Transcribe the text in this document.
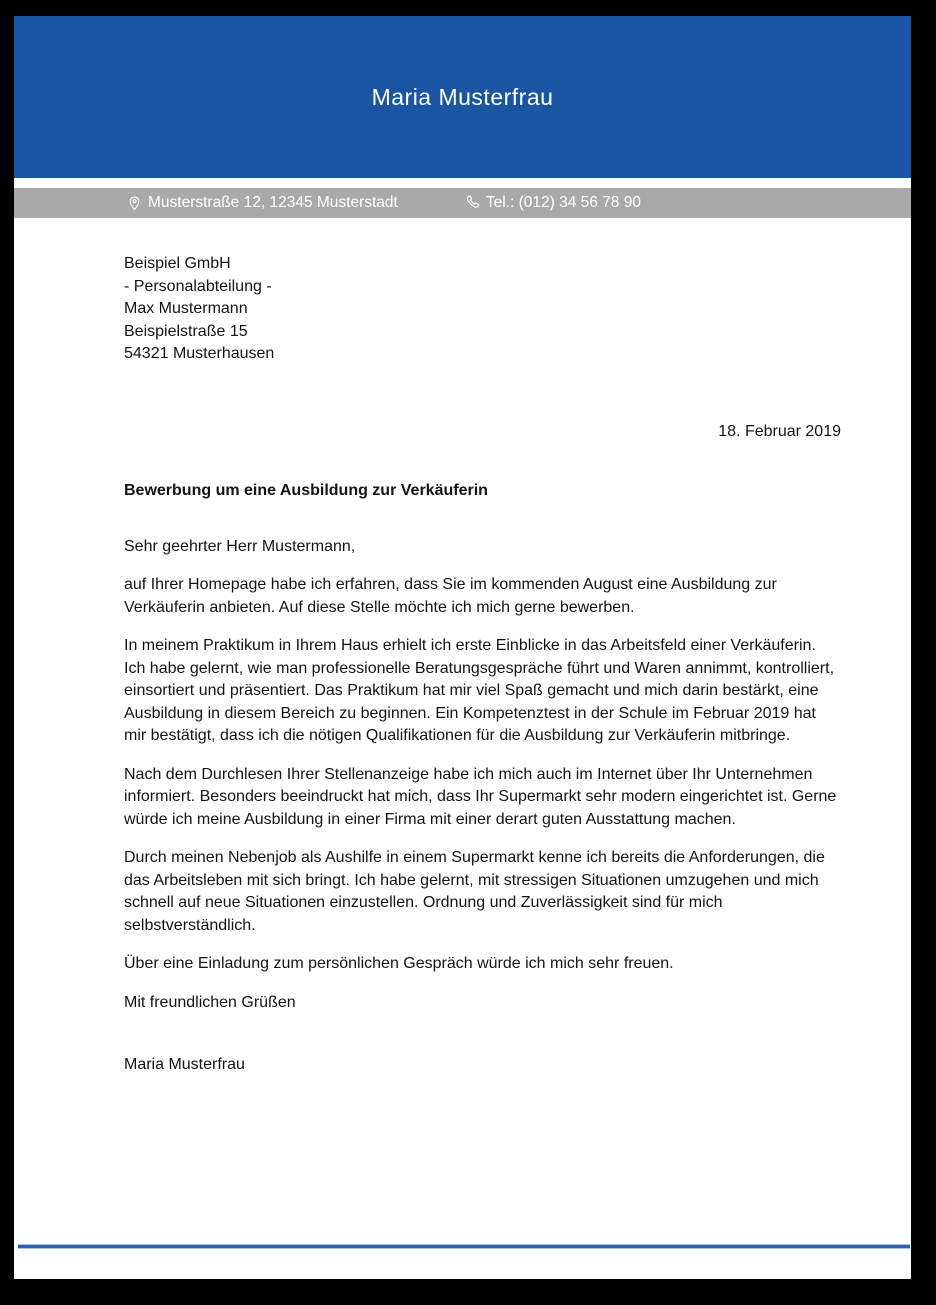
Maria Musterfrau
Musterstraße 12, 12345 Musterstadt	Tel.: (012) 34 56 78 90
Beispiel GmbH
- Personalabteilung -
Max Mustermann
Beispielstraße 15
54321 Musterhausen
18. Februar 2019
Bewerbung um eine Ausbildung zur Verkäuferin

Sehr geehrter Herr Mustermann,

auf Ihrer Homepage habe ich erfahren, dass Sie im kommenden August eine Ausbildung zur Verkäuferin anbieten. Auf diese Stelle möchte ich mich gerne bewerben.

In meinem Praktikum in Ihrem Haus erhielt ich erste Einblicke in das Arbeitsfeld einer Verkäuferin. Ich habe gelernt, wie man professionelle Beratungsgespräche führt und Waren annimmt, kontrolliert, einsortiert und präsentiert. Das Praktikum hat mir viel Spaß gemacht und mich darin bestärkt, eine Ausbildung in diesem Bereich zu beginnen. Ein Kompetenztest in der Schule im Februar 2019 hat mir bestätigt, dass ich die nötigen Qualifikationen für die Ausbildung zur Verkäuferin mitbringe.

Nach dem Durchlesen Ihrer Stellenanzeige habe ich mich auch im Internet über Ihr Unternehmen informiert. Besonders beeindruckt hat mich, dass Ihr Supermarkt sehr modern eingerichtet ist. Gerne würde ich meine Ausbildung in einer Firma mit einer derart guten Ausstattung machen.

Durch meinen Nebenjob als Aushilfe in einem Supermarkt kenne ich bereits die Anforderungen, die das Arbeitsleben mit sich bringt. Ich habe gelernt, mit stressigen Situationen umzugehen und mich schnell auf neue Situationen einzustellen. Ordnung und Zuverlässigkeit sind für mich selbstverständlich.

Über eine Einladung zum persönlichen Gespräch würde ich mich sehr freuen.

Mit freundlichen Grüßen

Maria Musterfrau
